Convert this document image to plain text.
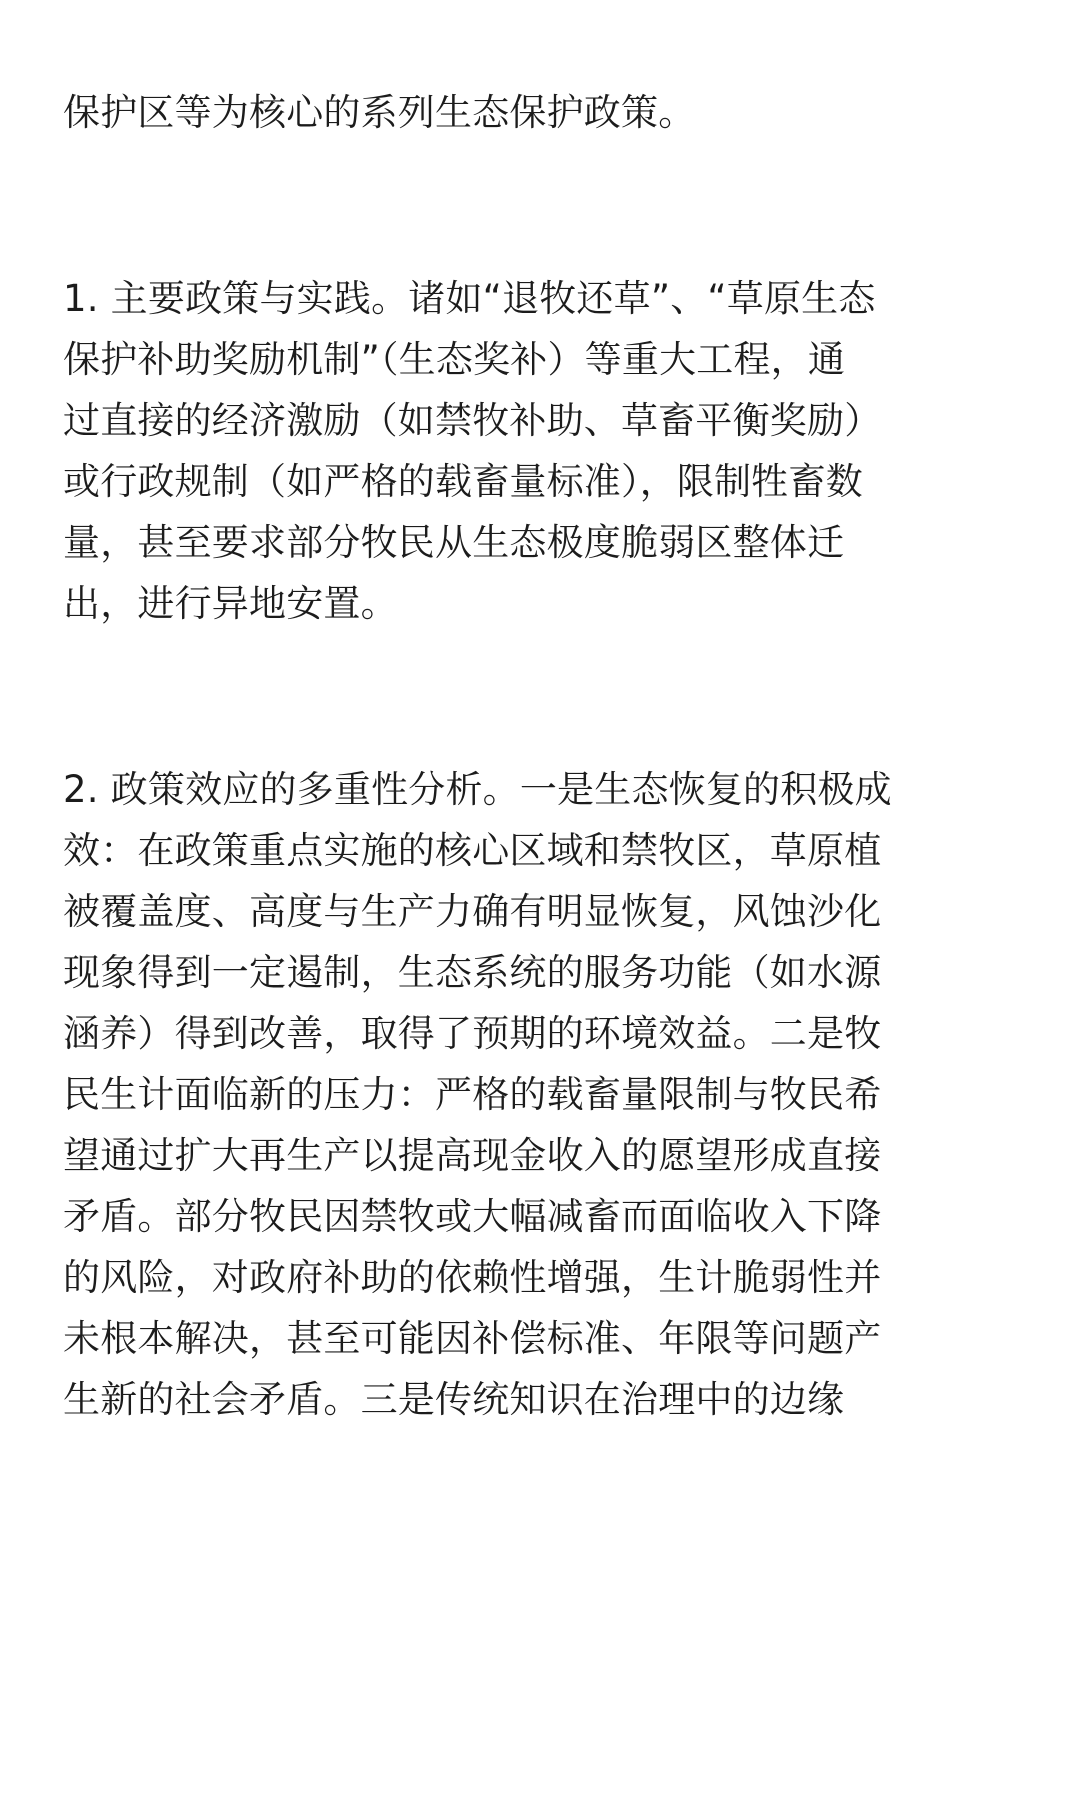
保护区等为核心的系列生态保护政策。
1. 主要政策与实践。诸如“退牧还草”、“草原生态
保护补助奖励机制”（生态奖补）等重大工程，通
过直接的经济激励（如禁牧补助、草畜平衡奖励）
或行政规制（如严格的载畜量标准），限制牲畜数
量，甚至要求部分牧民从生态极度脆弱区整体迁
出，进行异地安置。
2. 政策效应的多重性分析。一是生态恢复的积极成
效：在政策重点实施的核心区域和禁牧区，草原植
被覆盖度、高度与生产力确有明显恢复，风蚀沙化
现象得到一定遏制，生态系统的服务功能（如水源
涵养）得到改善，取得了预期的环境效益。二是牧
民生计面临新的压力：严格的载畜量限制与牧民希
望通过扩大再生产以提高现金收入的愿望形成直接
矛盾。部分牧民因禁牧或大幅减畜而面临收入下降
的风险，对政府补助的依赖性增强，生计脆弱性并
未根本解决，甚至可能因补偿标准、年限等问题产
生新的社会矛盾。三是传统知识在治理中的边缘
